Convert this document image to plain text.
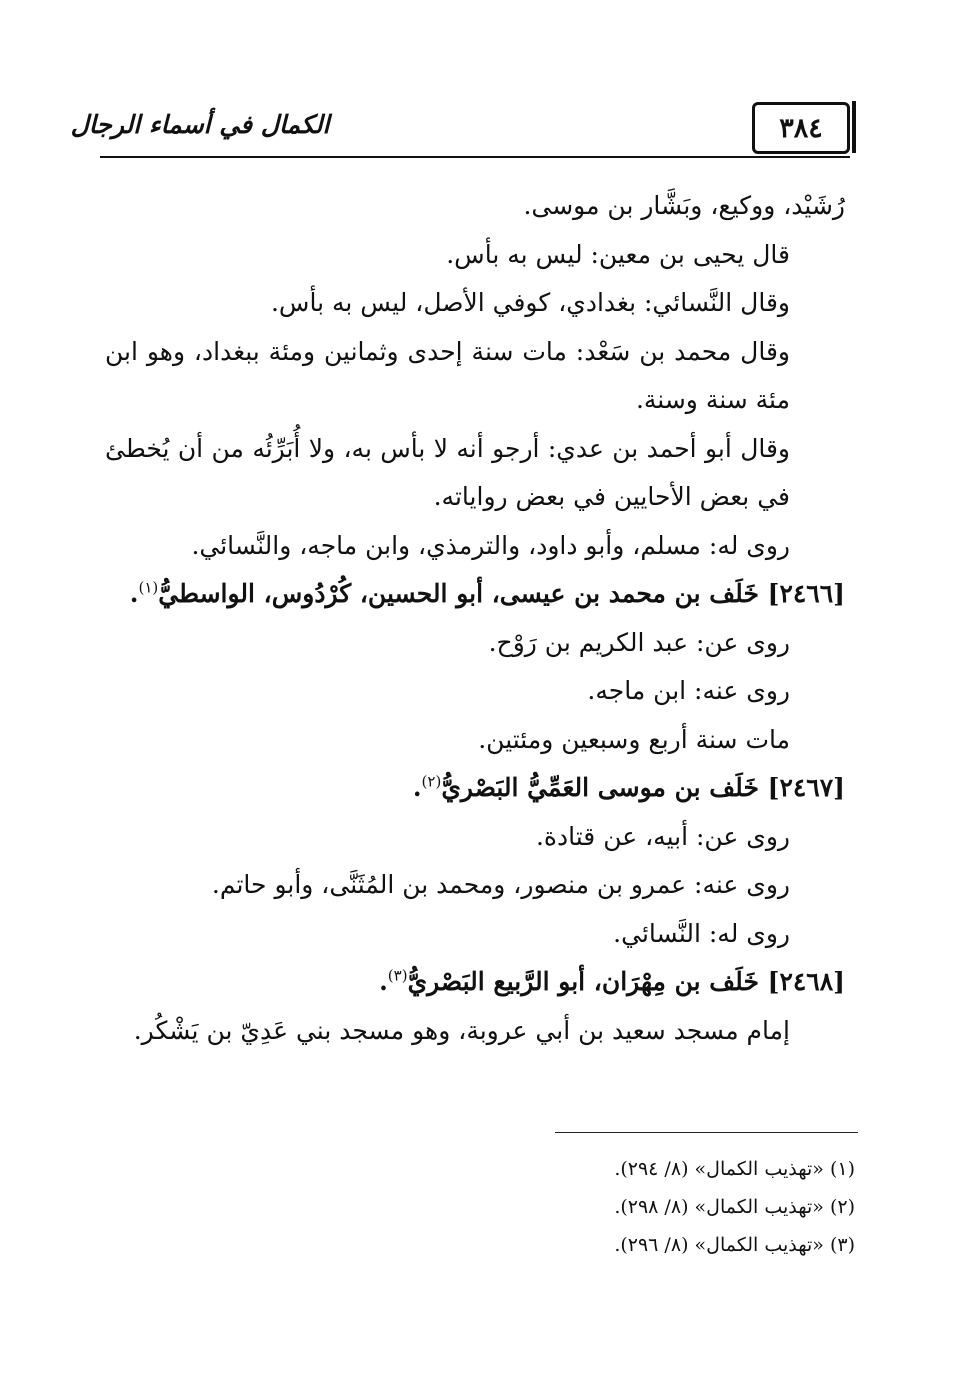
٣٨٤
الكمال في أسماء الرجال

رُشَيْد، ووكيع، وبَشَّار بن موسى.

قال يحيى بن معين: ليس به بأس.

وقال النَّسائي: بغدادي، كوفي الأصل، ليس به بأس.

وقال محمد بن سَعْد: مات سنة إحدى وثمانين ومئة ببغداد، وهو ابن مئة سنة وسنة.

وقال أبو أحمد بن عدي: أرجو أنه لا بأس به، ولا أُبَرِّئُه من أن يُخطئ في بعض الأحايين في بعض رواياته.

روى له: مسلم، وأبو داود، والترمذي، وابن ماجه، والنَّسائي.

[٢٤٦٦] خَلَف بن محمد بن عيسى، أبو الحسين، كُرْدُوس، الواسطيُّ$^{(١)}$.

روى عن: عبد الكريم بن رَوْح.

روى عنه: ابن ماجه.

مات سنة أربع وسبعين ومئتين.

[٢٤٦٧] خَلَف بن موسى العَمِّيُّ البَصْريُّ$^{(٢)}$.

روى عن: أبيه، عن قتادة.

روى عنه: عمرو بن منصور، ومحمد بن المُثَنَّى، وأبو حاتم.

روى له: النَّسائي.

[٢٤٦٨] خَلَف بن مِهْرَان، أبو الرَّبيع البَصْريُّ$^{(٣)}$.

إمام مسجد سعيد بن أبي عروبة، وهو مسجد بني عَدِيّ بن يَشْكُر.

(١) «تهذيب الكمال» (٨/ ٢٩٤).

(٢) «تهذيب الكمال» (٨/ ٢٩٨).

(٣) «تهذيب الكمال» (٨/ ٢٩٦).
